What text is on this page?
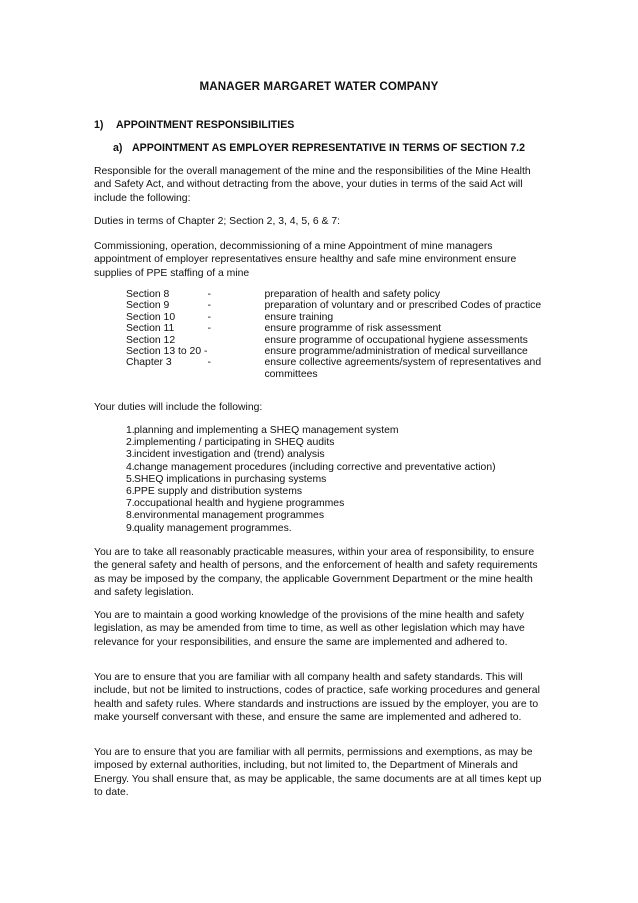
MANAGER MARGARET WATER COMPANY
1) APPOINTMENT RESPONSIBILITIES
a) APPOINTMENT AS EMPLOYER REPRESENTATIVE IN TERMS OF SECTION 7.2

Responsible for the overall management of the mine and the responsibilities of the Mine Health and Safety Act, and without detracting from the above, your duties in terms of the said Act will include the following:

Duties in terms of Chapter 2; Section 2, 3, 4, 5, 6 & 7:

Commissioning, operation, decommissioning of a mine Appointment of mine managers appointment of employer representatives ensure healthy and safe mine environment ensure supplies of PPE staffing of a mine

Section 8	-	preparation of health and safety policy
Section 9	-	preparation of voluntary and or prescribed Codes of practice
Section 10	-	ensure training
Section 11	-	ensure programme of risk assessment
Section 12		ensure programme of occupational hygiene assessments
Section 13 to 20 -		ensure programme/administration of medical surveillance
Chapter 3	-	ensure collective agreements/system of representatives and committees

Your duties will include the following:

1.planning and implementing a SHEQ management system
2.implementing / participating in SHEQ audits
3.incident investigation and (trend) analysis
4.change management procedures (including corrective and preventative action)
5.SHEQ implications in purchasing systems
6.PPE supply and distribution systems
7.occupational health and hygiene programmes
8.environmental management programmes
9.quality management programmes.

You are to take all reasonably practicable measures, within your area of responsibility, to ensure the general safety and health of persons, and the enforcement of health and safety requirements as may be imposed by the company, the applicable Government Department or the mine health and safety legislation.

You are to maintain a good working knowledge of the provisions of the mine health and safety legislation, as may be amended from time to time, as well as other legislation which may have relevance for your responsibilities, and ensure the same are implemented and adhered to.

You are to ensure that you are familiar with all company health and safety standards. This will include, but not be limited to instructions, codes of practice, safe working procedures and general health and safety rules. Where standards and instructions are issued by the employer, you are to make yourself conversant with these, and ensure the same are implemented and adhered to.

You are to ensure that you are familiar with all permits, permissions and exemptions, as may be imposed by external authorities, including, but not limited to, the Department of Minerals and Energy. You shall ensure that, as may be applicable, the same documents are at all times kept up to date.
